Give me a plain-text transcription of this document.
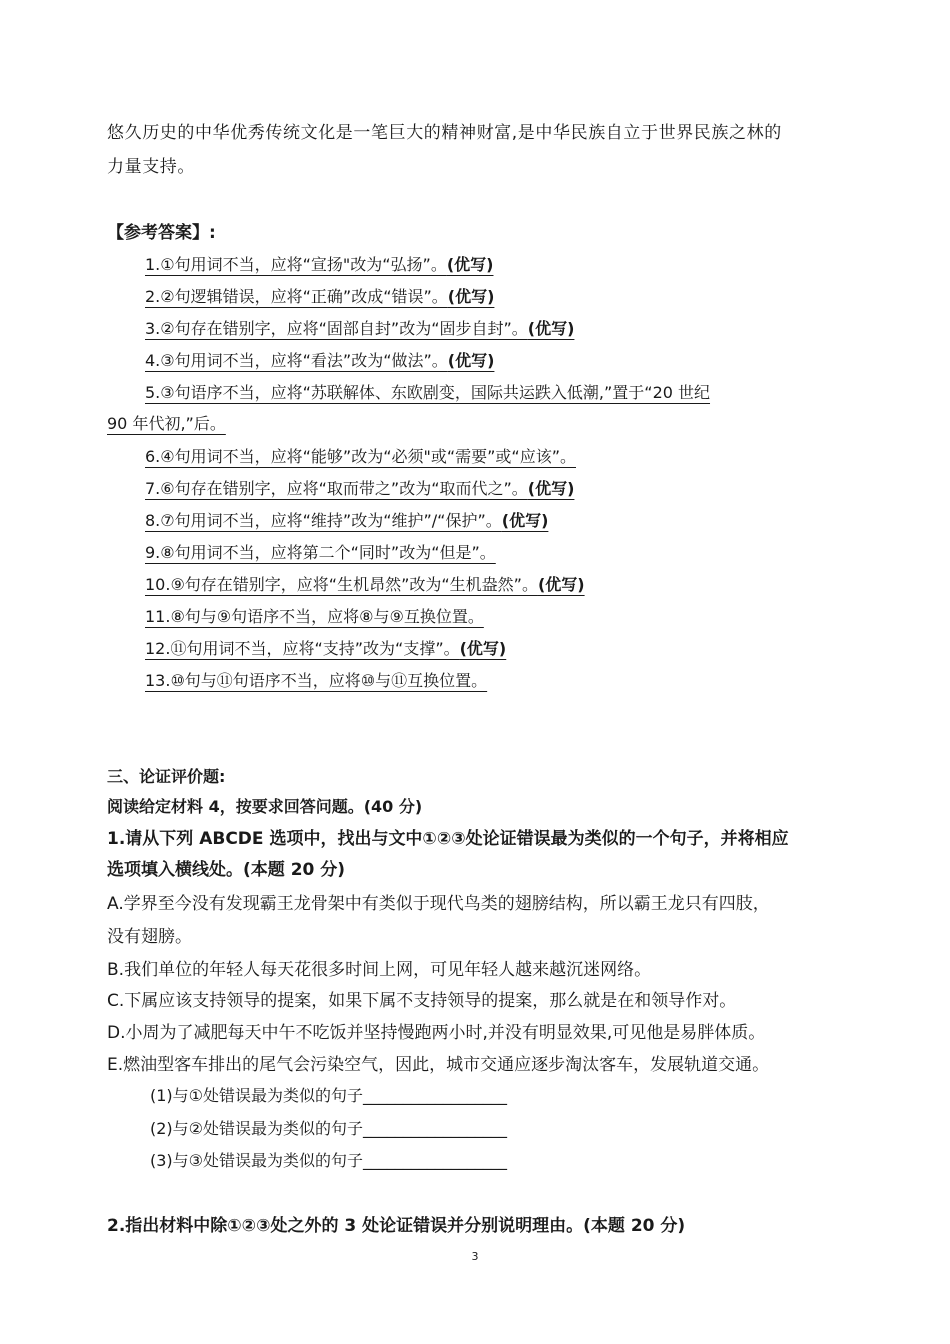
悠久历史的中华优秀传统文化是一笔巨大的精神财富,是中华民族自立于世界民族之林的
力量支持。
【参考答案】:
1.①句用词不当，应将“宣扬"改为“弘扬”。(优写)
2.②句逻辑错误，应将“正确”改成“错误”。(优写)
3.②句存在错别字，应将“固部自封”改为“固步自封”。(优写)
4.③句用词不当，应将“看法”改为“做法”。(优写)
5.③句语序不当，应将“苏联解体、东欧剧变，国际共运跌入低潮,”置于“20 世纪
90 年代初,”后。
6.④句用词不当，应将“能够”改为“必须"或“需要”或“应该”。
7.⑥句存在错别字，应将“取而带之”改为“取而代之”。(优写)
8.⑦句用词不当，应将“维持”改为“维护”/“保护”。(优写)
9.⑧句用词不当，应将第二个“同时”改为“但是”。
10.⑨句存在错别字，应将“生机昂然”改为“生机盎然”。(优写)
11.⑧句与⑨句语序不当，应将⑧与⑨互换位置。
12.⑪句用词不当，应将“支持”改为“支撑”。(优写)
13.⑩句与⑪句语序不当，应将⑩与⑪互换位置。
三、论证评价题:
阅读给定材料 4，按要求回答问题。(40 分)
1.请从下列 ABCDE 选项中，找出与文中①②③处论证错误最为类似的一个句子，并将相应
选项填入横线处。(本题 20 分)
A.学界至今没有发现霸王龙骨架中有类似于现代鸟类的翅膀结构，所以霸王龙只有四肢，
没有翅膀。
B.我们单位的年轻人每天花很多时间上网，可见年轻人越来越沉迷网络。
C.下属应该支持领导的提案，如果下属不支持领导的提案，那么就是在和领导作对。
D.小周为了减肥每天中午不吃饭并坚持慢跑两小时,并没有明显效果,可见他是易胖体质。
E.燃油型客车排出的尾气会污染空气，因此，城市交通应逐步淘汰客车，发展轨道交通。
(1)与①处错误最为类似的句子__________________
(2)与②处错误最为类似的句子__________________
(3)与③处错误最为类似的句子__________________
2.指出材料中除①②③处之外的 3 处论证错误并分别说明理由。(本题 20 分)
3
